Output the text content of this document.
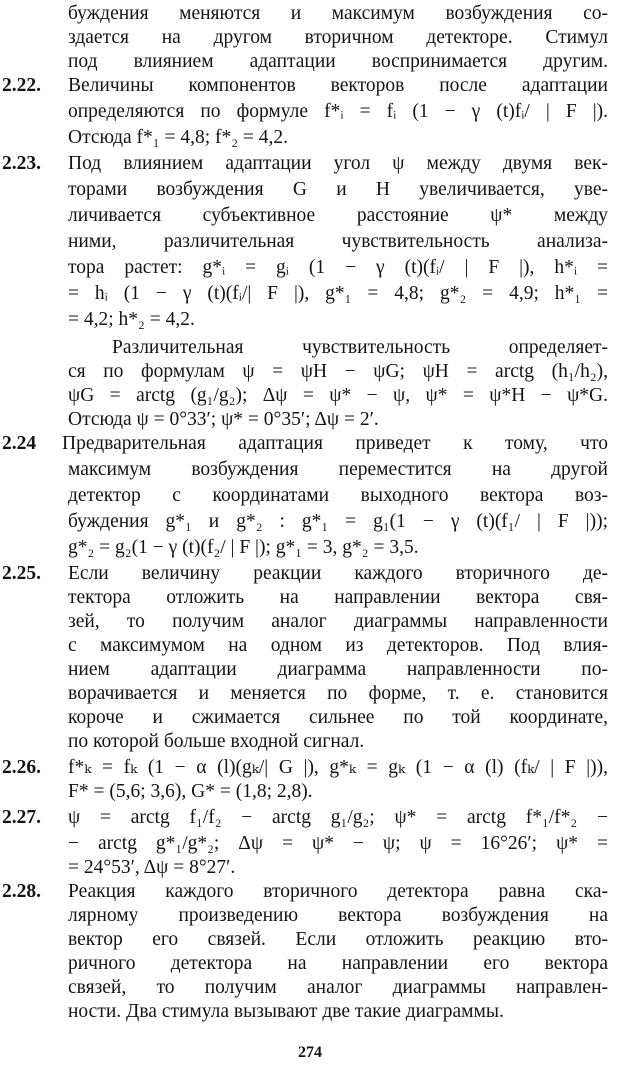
буждения меняются и максимум возбуждения со-
здается на другом вторичном детекторе. Стимул
под влиянием адаптации воспринимается другим.
2.22. Величины компонентов векторов после адаптации
определяются по формуле f*ᵢ = fᵢ (1 − γ (t)fᵢ/ | F |).
Отсюда f*₁ = 4,8; f*₂ = 4,2.
2.23. Под влиянием адаптации угол ψ между двумя век-
торами возбуждения G и H увеличивается, уве-
личивается субъективное расстояние ψ* между
ними, различительная чувствительность анализа-
тора растет: g*ᵢ = gᵢ (1 − γ (t)(fᵢ/ | F |), h*ᵢ =
= hᵢ (1 − γ (t)(fᵢ/| F |), g*₁ = 4,8; g*₂ = 4,9; h*₁ =
= 4,2; h*₂ = 4,2.
Различительная чувствительность определяет-
ся по формулам ψ = ψH − ψG; ψH = arctg (h₁/h₂),
ψG = arctg (g₁/g₂); Δψ = ψ* − ψ, ψ* = ψ*H − ψ*G.
Отсюда ψ = 0°33′; ψ* = 0°35′; Δψ = 2′.
2.24 Предварительная адаптация приведет к тому, что
максимум возбуждения переместится на другой
детектор с координатами выходного вектора воз-
буждения g*₁ и g*₂ : g*₁ = g₁(1 − γ (t)(f₁/ | F |));
g*₂ = g₂(1 − γ (t)(f₂/ | F |); g*₁ = 3, g*₂ = 3,5.
2.25. Если величину реакции каждого вторичного де-
тектора отложить на направлении вектора свя-
зей, то получим аналог диаграммы направленности
с максимумом на одном из детекторов. Под влия-
нием адаптации диаграмма направленности по-
ворачивается и меняется по форме, т. е. становится
короче и сжимается сильнее по той координате,
по которой больше входной сигнал.
2.26. f*ₖ = fₖ (1 − α (l)(gₖ/| G |), g*ₖ = gₖ (1 − α (l) (fₖ/ | F |)),
F* = (5,6; 3,6), G* = (1,8; 2,8).
2.27. ψ = arctg f₁/f₂ − arctg g₁/g₂; ψ* = arctg f*₁/f*₂ −
− arctg g*₁/g*₂; Δψ = ψ* − ψ; ψ = 16°26′; ψ* =
= 24°53′, Δψ = 8°27′.
2.28. Реакция каждого вторичного детектора равна ска-
лярному произведению вектора возбуждения на
вектор его связей. Если отложить реакцию вто-
ричного детектора на направлении его вектора
связей, то получим аналог диаграммы направлен-
ности. Два стимула вызывают две такие диаграммы.
274
